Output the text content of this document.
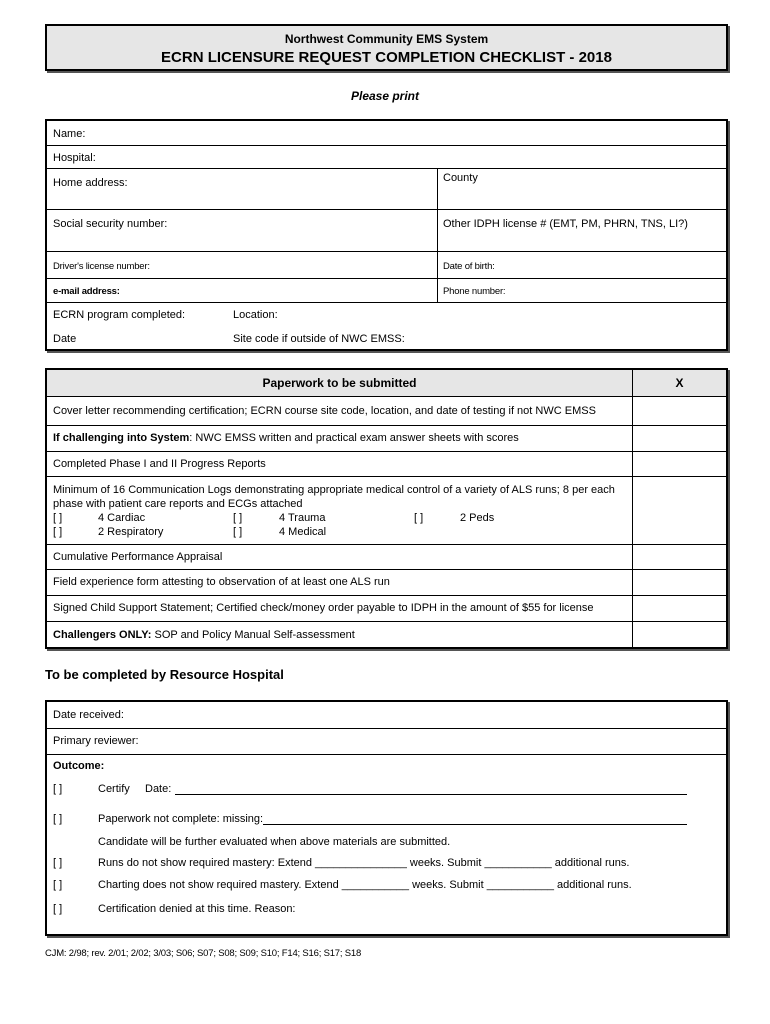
Northwest Community EMS System
ECRN LICENSURE REQUEST COMPLETION CHECKLIST - 2018
Please print
Name:
Hospital:
Home address:	County
Social security number:	Other IDPH license # (EMT, PM, PHRN, TNS, LI?)
Driver's license number:	Date of birth:
e-mail address:	Phone number:
ECRN program completed:	Location:
Date	Site code if outside of NWC EMSS:
Paperwork to be submitted	X
Cover letter recommending certification; ECRN course site code, location, and date of testing if not NWC EMSS
If challenging into System: NWC EMSS written and practical exam answer sheets with scores
Completed Phase I and II Progress Reports
Minimum of 16 Communication Logs demonstrating appropriate medical control of a variety of ALS runs; 8 per each
phase with patient care reports and ECGs attached
[ ]	4 Cardiac	[ ]	4 Trauma	[ ]	2 Peds
[ ]	2 Respiratory	[ ]	4 Medical
Cumulative Performance Appraisal
Field experience form attesting to observation of at least one ALS run
Signed Child Support Statement; Certified check/money order payable to IDPH in the amount of $55 for license
Challengers ONLY: SOP and Policy Manual Self-assessment
To be completed by Resource Hospital
Date received:
Primary reviewer:
Outcome:
[ ]	Certify Date:
[ ]	Paperwork not complete: missing:
Candidate will be further evaluated when above materials are submitted.
[ ]	Runs do not show required mastery: Extend _______________ weeks. Submit ___________ additional runs.
[ ]	Charting does not show required mastery. Extend ___________ weeks. Submit ___________ additional runs.
[ ]	Certification denied at this time. Reason:
CJM: 2/98; rev. 2/01; 2/02; 3/03; S06; S07; S08; S09; S10; F14; S16; S17; S18
